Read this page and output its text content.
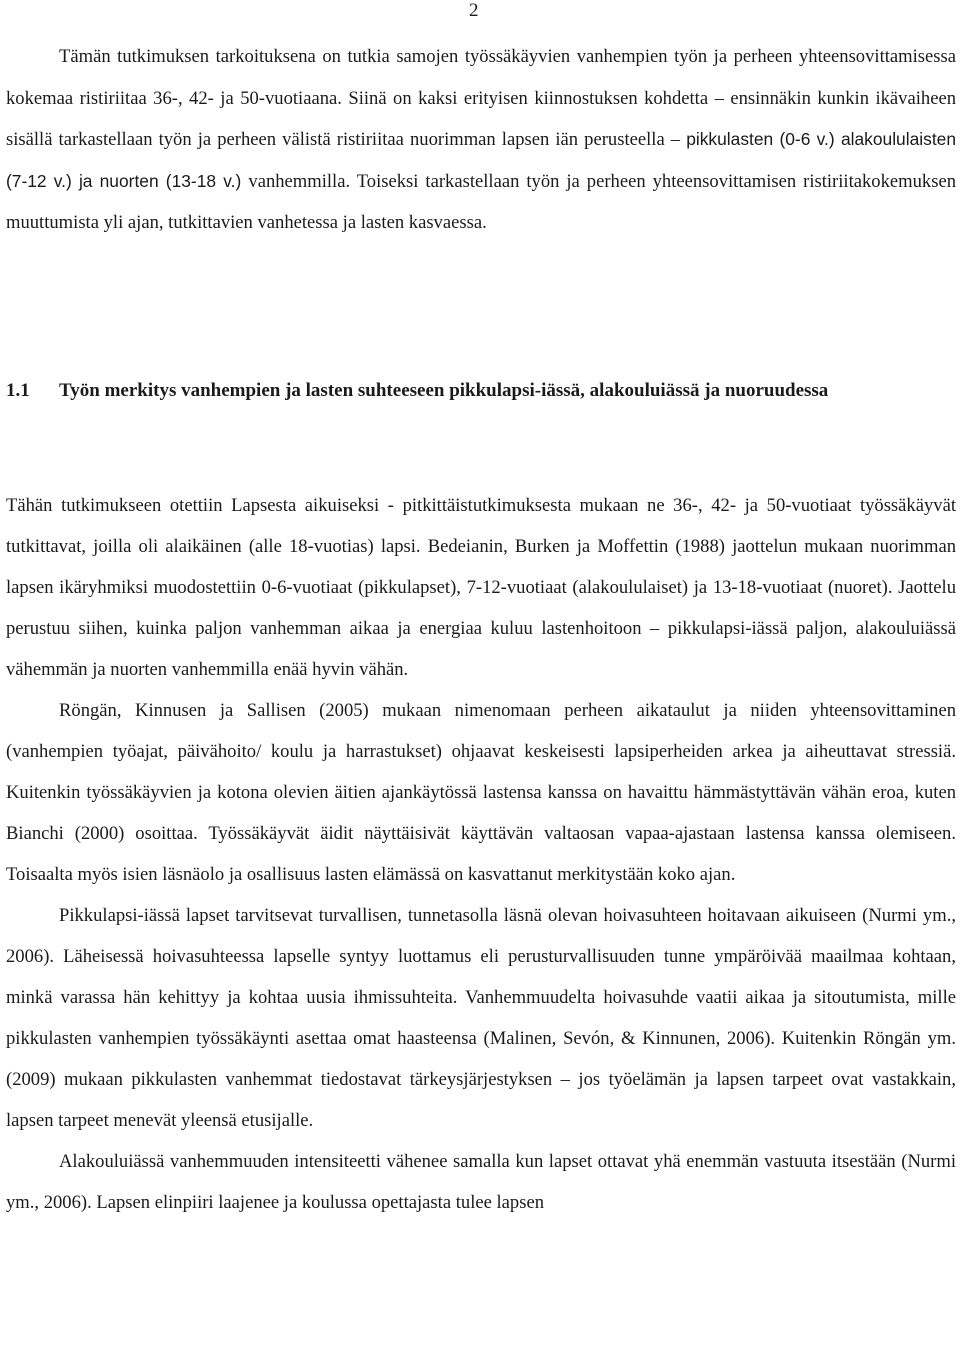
2
Tämän tutkimuksen tarkoituksena on tutkia samojen työssäkäyvien vanhempien työn ja perheen yhteensovittamisessa kokemaa ristiriitaa 36-, 42- ja 50-vuotiaana. Siinä on kaksi erityisen kiinnostuksen kohdetta – ensinnäkin kunkin ikävaiheen sisällä tarkastellaan työn ja perheen välistä ristiriitaa nuorimman lapsen iän perusteella – pikkulasten (0-6 v.) alakoululaisten (7-12 v.) ja nuorten (13-18 v.) vanhemmilla. Toiseksi tarkastellaan työn ja perheen yhteensovittamisen ristiriitakokemuksen muuttumista yli ajan, tutkittavien vanhetessa ja lasten kasvaessa.
1.1 Työn merkitys vanhempien ja lasten suhteeseen pikkulapsi-iässä, alakouluiässä ja nuoruudessa

Tähän tutkimukseen otettiin Lapsesta aikuiseksi - pitkittäistutkimuksesta mukaan ne 36-, 42- ja 50-vuotiaat työssäkäyvät tutkittavat, joilla oli alaikäinen (alle 18-vuotias) lapsi. Bedeianin, Burken ja Moffettin (1988) jaottelun mukaan nuorimman lapsen ikäryhmiksi muodostettiin 0-6-vuotiaat (pikkulapset), 7-12-vuotiaat (alakoululaiset) ja 13-18-vuotiaat (nuoret). Jaottelu perustuu siihen, kuinka paljon vanhemman aikaa ja energiaa kuluu lastenhoitoon – pikkulapsi-iässä paljon, alakouluiässä vähemmän ja nuorten vanhemmilla enää hyvin vähän.

Röngän, Kinnusen ja Sallisen (2005) mukaan nimenomaan perheen aikataulut ja niiden yhteensovittaminen (vanhempien työajat, päivähoito/ koulu ja harrastukset) ohjaavat keskeisesti lapsiperheiden arkea ja aiheuttavat stressiä. Kuitenkin työssäkäyvien ja kotona olevien äitien ajankäytössä lastensa kanssa on havaittu hämmästyttävän vähän eroa, kuten Bianchi (2000) osoittaa. Työssäkäyvät äidit näyttäisivät käyttävän valtaosan vapaa-ajastaan lastensa kanssa olemiseen. Toisaalta myös isien läsnäolo ja osallisuus lasten elämässä on kasvattanut merkitystään koko ajan.

Pikkulapsi-iässä lapset tarvitsevat turvallisen, tunnetasolla läsnä olevan hoivasuhteen hoitavaan aikuiseen (Nurmi ym., 2006). Läheisessä hoivasuhteessa lapselle syntyy luottamus eli perusturvallisuuden tunne ympäröivää maailmaa kohtaan, minkä varassa hän kehittyy ja kohtaa uusia ihmissuhteita. Vanhemmuudelta hoivasuhde vaatii aikaa ja sitoutumista, mille pikkulasten vanhempien työssäkäynti asettaa omat haasteensa (Malinen, Sevón, & Kinnunen, 2006). Kuitenkin Röngän ym. (2009) mukaan pikkulasten vanhemmat tiedostavat tärkeysjärjestyksen – jos työelämän ja lapsen tarpeet ovat vastakkain, lapsen tarpeet menevät yleensä etusijalle.

Alakouluiässä vanhemmuuden intensiteetti vähenee samalla kun lapset ottavat yhä enemmän vastuuta itsestään (Nurmi ym., 2006). Lapsen elinpiiri laajenee ja koulussa opettajasta tulee lapsen
